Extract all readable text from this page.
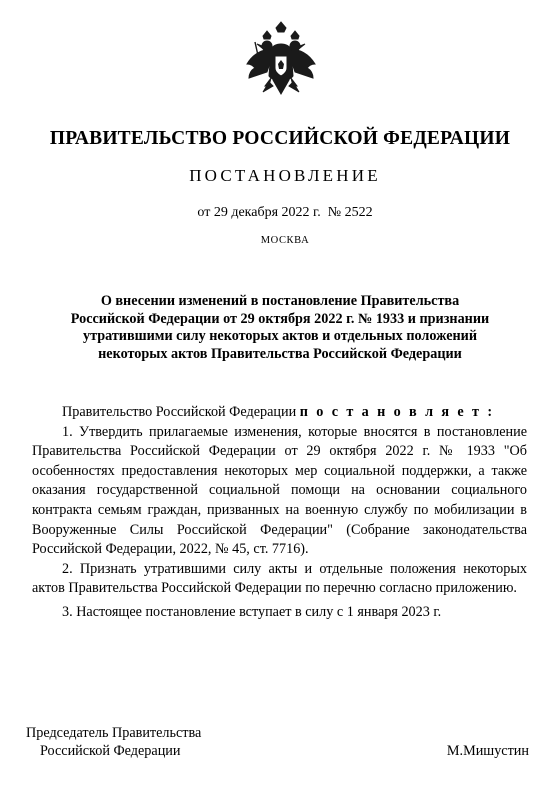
ПРАВИТЕЛЬСТВО РОССИЙСКОЙ ФЕДЕРАЦИИ
ПОСТАНОВЛЕНИЕ
от 29 декабря 2022 г.  № 2522
МОСКВА
О внесении изменений в постановление Правительства
Российской Федерации от 29 октября 2022 г. № 1933 и признании
утратившими силу некоторых актов и отдельных положений
некоторых актов Правительства Российской Федерации

Правительство Российской Федерации п о с т а н о в л я е т :

1. Утвердить прилагаемые изменения, которые вносятся в постановление Правительства Российской Федерации от 29 октября 2022 г. № 1933 "Об особенностях предоставления некоторых мер социальной поддержки, а также оказания государственной социальной помощи на основании социального контракта семьям граждан, призванных на военную службу по мобилизации в Вооруженные Силы Российской Федерации" (Собрание законодательства Российской Федерации, 2022, № 45, ст. 7716).

2. Признать утратившими силу акты и отдельные положения некоторых актов Правительства Российской Федерации по перечню согласно приложению.

3. Настоящее постановление вступает в силу с 1 января 2023 г.

Председатель Правительства
Российской Федерации	М.Мишустин
